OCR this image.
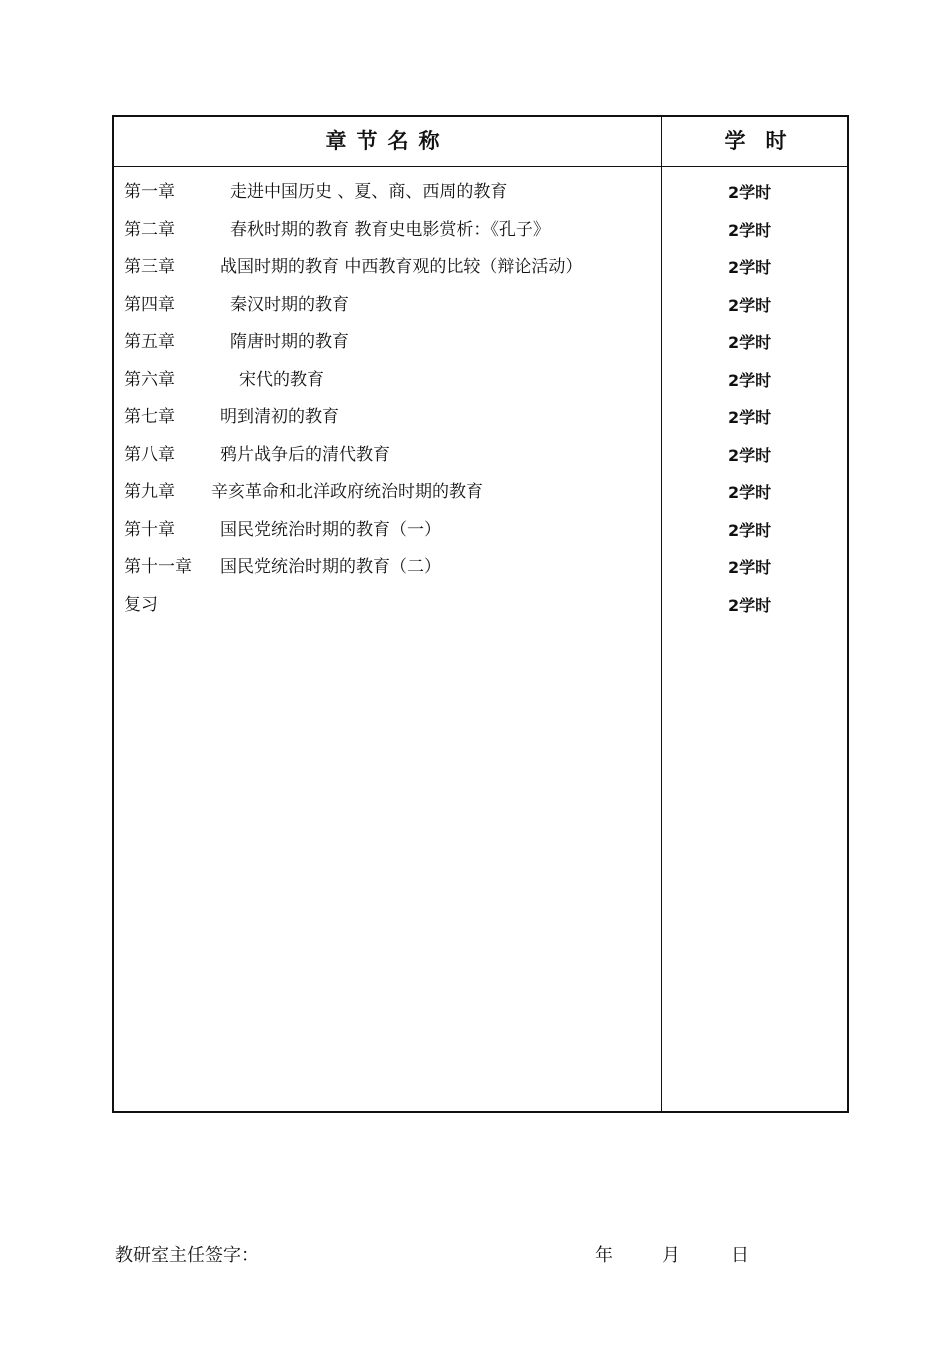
章节名称	学时
第一章	走进中国历史 、夏、商、西周的教育	2学时
第二章	春秋时期的教育 教育史电影赏析：《孔子》	2学时
第三章	战国时期的教育 中西教育观的比较（辩论活动）	2学时
第四章	秦汉时期的教育	2学时
第五章	隋唐时期的教育	2学时
第六章	宋代的教育	2学时
第七章	明到清初的教育	2学时
第八章	鸦片战争后的清代教育	2学时
第九章 辛亥革命和北洋政府统治时期的教育	2学时
第十章	国民党统治时期的教育（一）	2学时
第十一章 国民党统治时期的教育（二）	2学时
复习	2学时
教研室主任签字：	年	月	日
